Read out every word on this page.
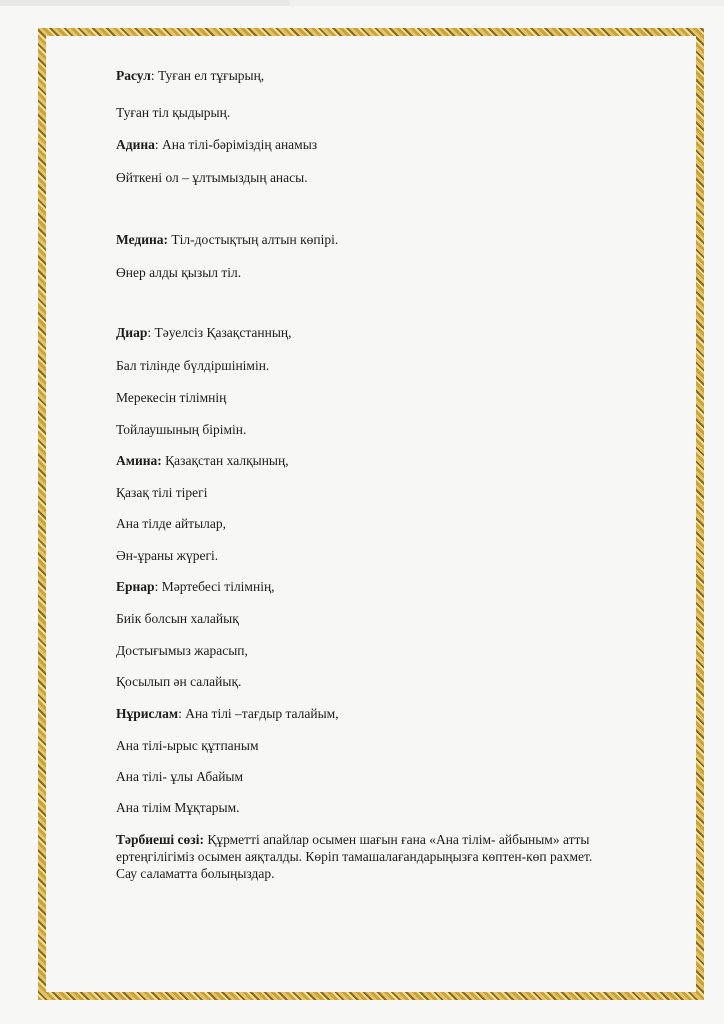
Расул: Туған ел тұғырың,

Туған тіл қыдырың.

Адина: Ана тілі-бәріміздің анамыз

Өйткені ол – ұлтымыздың анасы.

Медина: Тіл-достықтың алтын көпірі.

Өнер алды қызыл тіл.

Диар: Тәуелсіз Қазақстанның,

Бал тілінде бүлдіршінімін.

Мерекесін тілімнің

Тойлаушының бірімін.

Амина: Қазақстан халқының,

Қазақ тілі тірегі

Ана тілде айтылар,

Ән-ұраны жүрегі.

Ернар: Мәртебесі тілімнің,

Биік болсын халайық

Достығымыз жарасып,

Қосылып ән салайық.

Нұрислам: Ана тілі –тағдыр талайым,

Ана тілі-ырыс құтпаным

Ана тілі- ұлы Абайым

Ана тілім Мұқтарым.

Тәрбиеші сөзі: Құрметті апайлар осымен шағын ғана «Ана тілім- айбыным» атты

ертеңгілігіміз осымен аяқталды. Көріп тамашалағандарыңызға көптен-көп рахмет.

Сау саламатта болыңыздар.
